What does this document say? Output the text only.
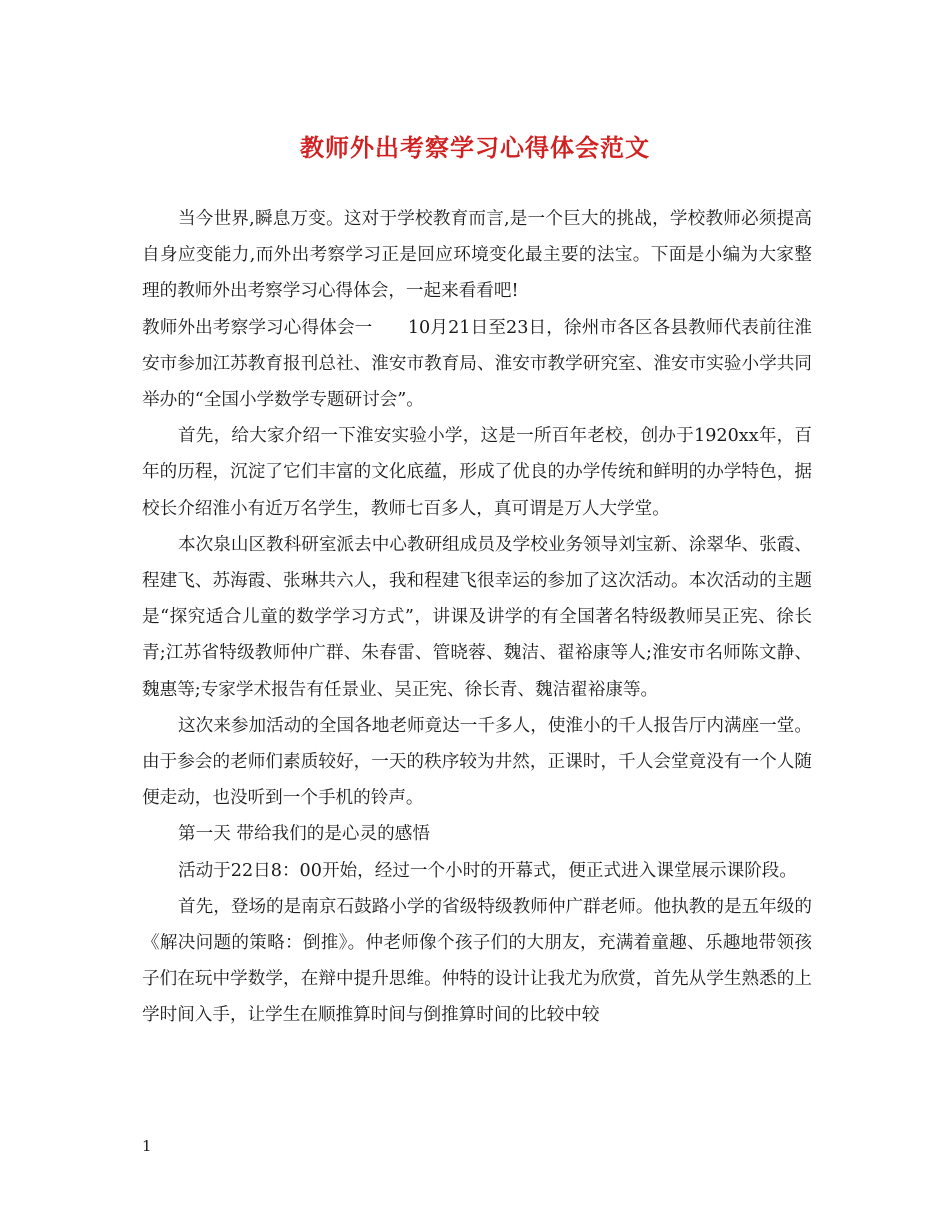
教师外出考察学习心得体会范文

当今世界,瞬息万变。这对于学校教育而言,是一个巨大的挑战，学校教师必须提高自身应变能力,而外出考察学习正是回应环境变化最主要的法宝。下面是小编为大家整理的教师外出考察学习心得体会，一起来看看吧!

教师外出考察学习心得体会一　　10月21日至23日，徐州市各区各县教师代表前往淮安市参加江苏教育报刊总社、淮安市教育局、淮安市教学研究室、淮安市实验小学共同举办的“全国小学数学专题研讨会”。

首先，给大家介绍一下淮安实验小学，这是一所百年老校，创办于1920xx年，百年的历程，沉淀了它们丰富的文化底蕴，形成了优良的办学传统和鲜明的办学特色，据校长介绍淮小有近万名学生，教师七百多人，真可谓是万人大学堂。

本次泉山区教科研室派去中心教研组成员及学校业务领导刘宝新、涂翠华、张霞、程建飞、苏海霞、张琳共六人，我和程建飞很幸运的参加了这次活动。本次活动的主题是“探究适合儿童的数学学习方式”，讲课及讲学的有全国著名特级教师吴正宪、徐长青;江苏省特级教师仲广群、朱春雷、管晓蓉、魏洁、翟裕康等人;淮安市名师陈文静、魏惠等;专家学术报告有任景业、吴正宪、徐长青、魏洁翟裕康等。

这次来参加活动的全国各地老师竟达一千多人，使淮小的千人报告厅内满座一堂。由于参会的老师们素质较好，一天的秩序较为井然，正课时，千人会堂竟没有一个人随便走动，也没听到一个手机的铃声。

第一天 带给我们的是心灵的感悟

活动于22日8：00开始，经过一个小时的开幕式，便正式进入课堂展示课阶段。

首先，登场的是南京石鼓路小学的省级特级教师仲广群老师。他执教的是五年级的《解决问题的策略：倒推》。仲老师像个孩子们的大朋友，充满着童趣、乐趣地带领孩子们在玩中学数学，在辩中提升思维。仲特的设计让我尤为欣赏，首先从学生熟悉的上学时间入手，让学生在顺推算时间与倒推算时间的比较中较

1
